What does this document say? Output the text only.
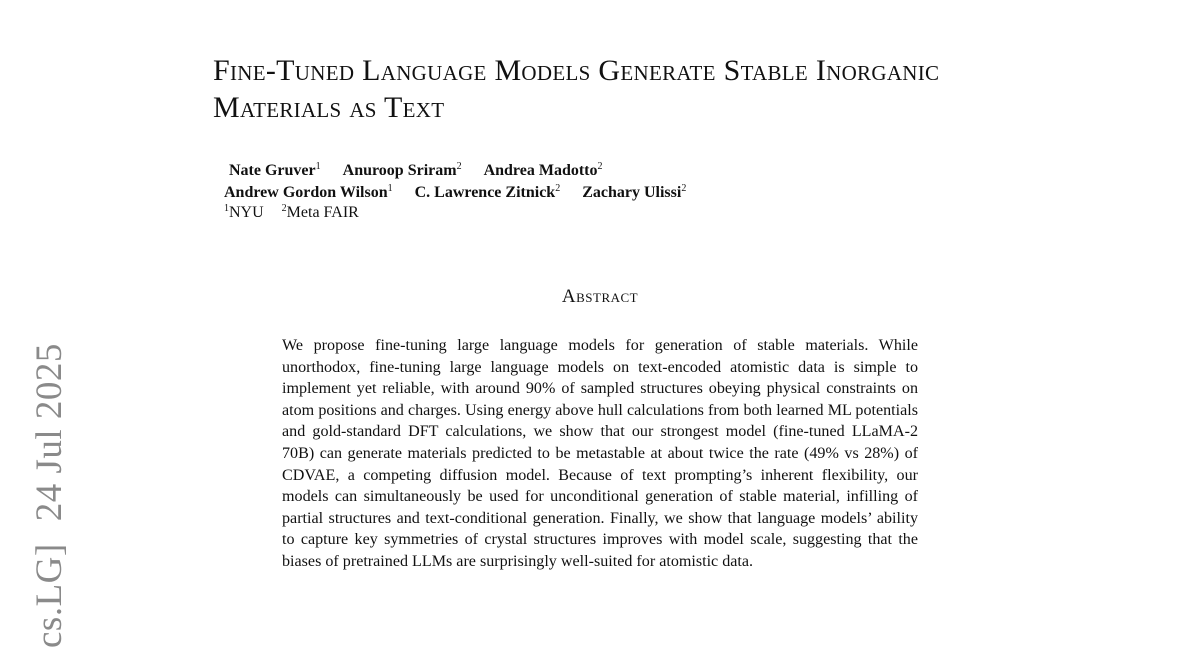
cs.LG]24 Jul 2025
Fine-Tuned Language Models Generate Stable Inorganic Materials as Text
Nate Gruver$^1$ Anuroop Sriram$^2$ Andrea Madotto$^2$
Andrew Gordon Wilson$^1$ C. Lawrence Zitnick$^2$ Zachary Ulissi$^2$
$^1$NYU $^2$Meta FAIR
Abstract
We propose fine-tuning large language models for generation of stable materials. While unorthodox, fine-tuning large language models on text-encoded atomistic data is simple to implement yet reliable, with around 90% of sampled structures obeying physical constraints on atom positions and charges. Using energy above hull calculations from both learned ML potentials and gold-standard DFT calculations, we show that our strongest model (fine-tuned LLaMA-2 70B) can generate materials predicted to be metastable at about twice the rate (49% vs 28%) of CDVAE, a competing diffusion model. Because of text prompting’s inherent flexibility, our models can simultaneously be used for unconditional generation of stable material, infilling of partial structures and text-conditional generation. Finally, we show that language models’ ability to capture key symmetries of crystal structures improves with model scale, suggesting that the biases of pretrained LLMs are surprisingly well-suited for atomistic data.
